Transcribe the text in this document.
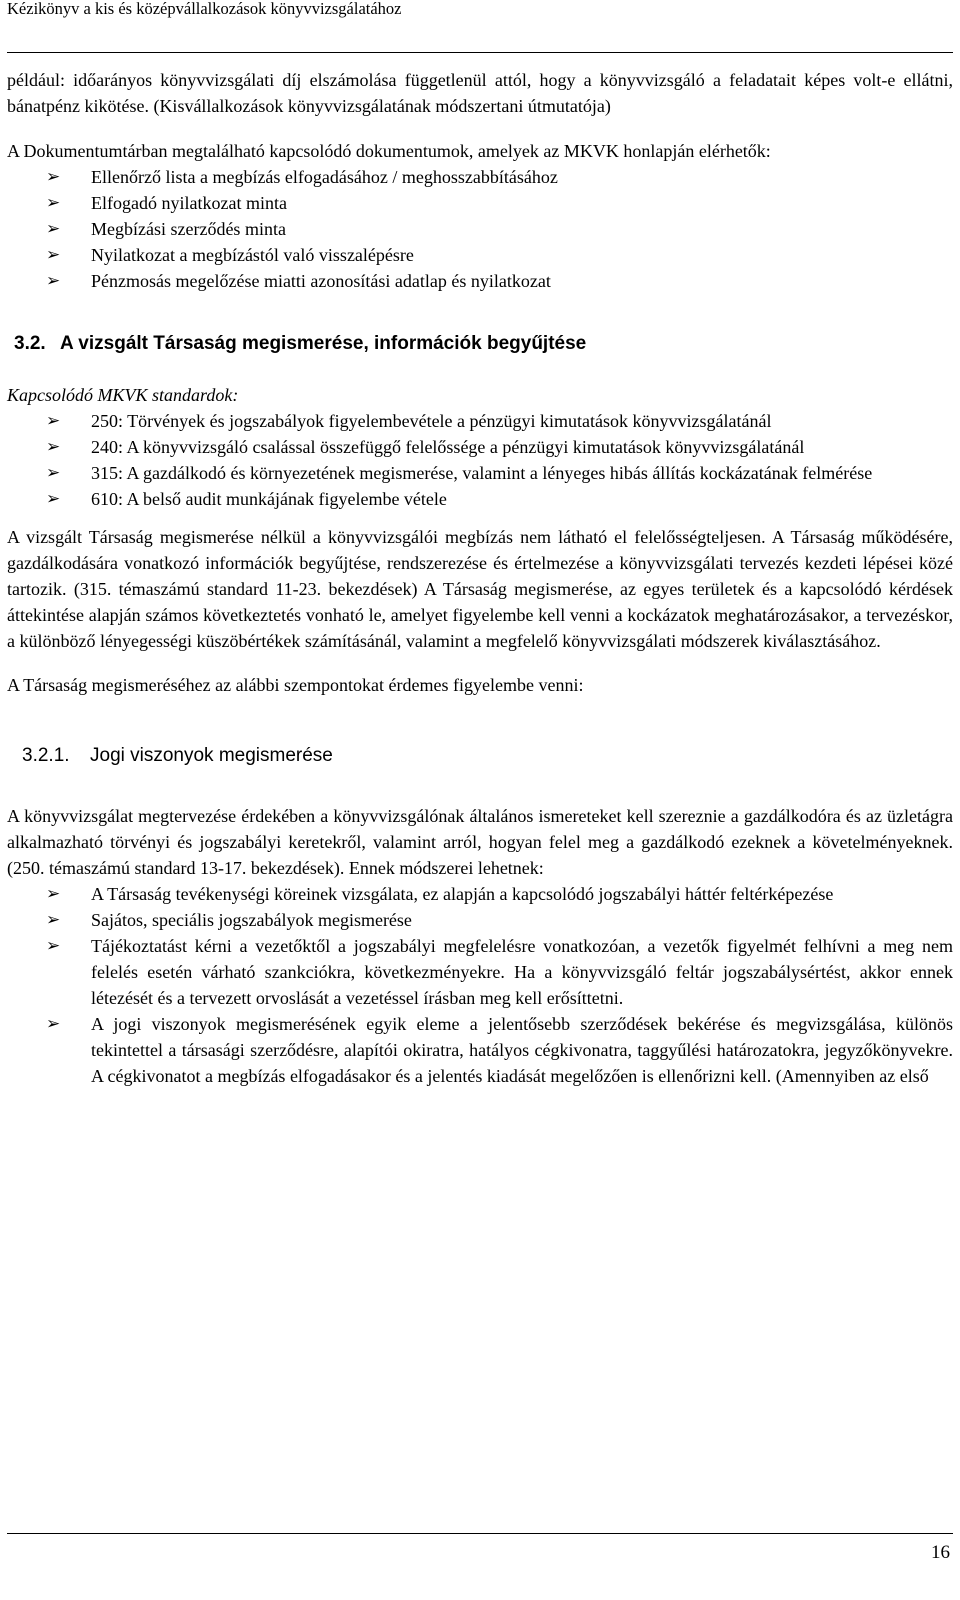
Kézikönyv a kis és középvállalkozások könyvvizsgálatához

például: időarányos könyvvizsgálati díj elszámolása függetlenül attól, hogy a könyvvizsgáló a feladatait képes volt-e ellátni, bánatpénz kikötése. (Kisvállalkozások könyvvizsgálatának módszertani útmutatója)

A Dokumentumtárban megtalálható kapcsolódó dokumentumok, amelyek az MKVK honlapján elérhetők:

➢	Ellenőrző lista a megbízás elfogadásához / meghosszabbításához
➢	Elfogadó nyilatkozat minta
➢	Megbízási szerződés minta
➢	Nyilatkozat a megbízástól való visszalépésre
➢	Pénzmosás megelőzése miatti azonosítási adatlap és nyilatkozat
3.2. A vizsgált Társaság megismerése, információk begyűjtése

Kapcsolódó MKVK standardok:

➢	250: Törvények és jogszabályok figyelembevétele a pénzügyi kimutatások könyvvizsgálatánál
➢	240: A könyvvizsgáló csalással összefüggő felelőssége a pénzügyi kimutatások könyvvizsgálatánál
➢	315: A gazdálkodó és környezetének megismerése, valamint a lényeges hibás állítás kockázatának felmérése
➢	610: A belső audit munkájának figyelembe vétele

A vizsgált Társaság megismerése nélkül a könyvvizsgálói megbízás nem látható el felelősségteljesen. A Társaság működésére, gazdálkodására vonatkozó információk begyűjtése, rendszerezése és értelmezése a könyvvizsgálati tervezés kezdeti lépései közé tartozik. (315. témaszámú standard 11-23. bekezdések) A Társaság megismerése, az egyes területek és a kapcsolódó kérdések áttekintése alapján számos következtetés vonható le, amelyet figyelembe kell venni a kockázatok meghatározásakor, a tervezéskor, a különböző lényegességi küszöbértékek számításánál, valamint a megfelelő könyvvizsgálati módszerek kiválasztásához.

A Társaság megismeréséhez az alábbi szempontokat érdemes figyelembe venni:

3.2.1. Jogi viszonyok megismerése

A könyvvizsgálat megtervezése érdekében a könyvvizsgálónak általános ismereteket kell szereznie a gazdálkodóra és az üzletágra alkalmazható törvényi és jogszabályi keretekről, valamint arról, hogyan felel meg a gazdálkodó ezeknek a követelményeknek. (250. témaszámú standard 13-17. bekezdések). Ennek módszerei lehetnek:

➢	A Társaság tevékenységi köreinek vizsgálata, ez alapján a kapcsolódó jogszabályi háttér feltérképezése
➢	Sajátos, speciális jogszabályok megismerése
➢	Tájékoztatást kérni a vezetőktől a jogszabályi megfelelésre vonatkozóan, a vezetők figyelmét felhívni a meg nem felelés esetén várható szankciókra, következményekre. Ha a könyvvizsgáló feltár jogszabálysértést, akkor ennek létezését és a tervezett orvoslását a vezetéssel írásban meg kell erősíttetni.
➢	A jogi viszonyok megismerésének egyik eleme a jelentősebb szerződések bekérése és megvizsgálása, különös tekintettel a társasági szerződésre, alapítói okiratra, hatályos cégkivonatra, taggyűlési határozatokra, jegyzőkönyvekre. A cégkivonatot a megbízás elfogadásakor és a jelentés kiadását megelőzően is ellenőrizni kell. (Amennyiben az első
16
